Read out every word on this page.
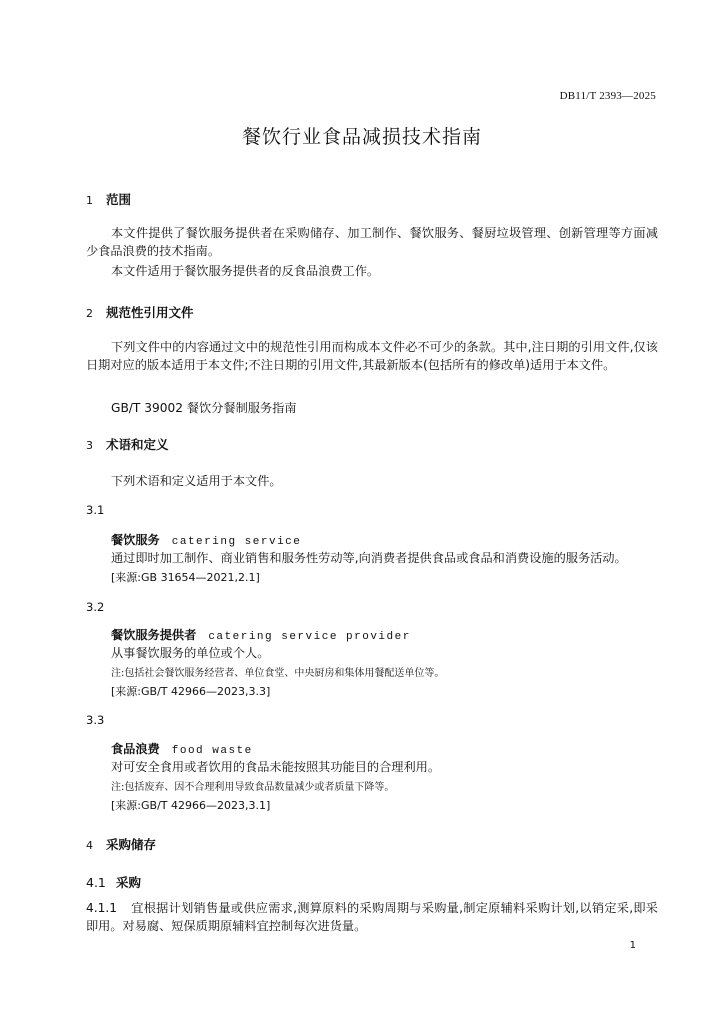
DB11/T 2393—2025
餐饮行业食品减损技术指南
1 范围
本文件提供了餐饮服务提供者在采购储存、加工制作、餐饮服务、餐厨垃圾管理、创新管理等方面减少食品浪费的技术指南。
本文件适用于餐饮服务提供者的反食品浪费工作。
2 规范性引用文件
下列文件中的内容通过文中的规范性引用而构成本文件必不可少的条款。其中,注日期的引用文件,仅该日期对应的版本适用于本文件;不注日期的引用文件,其最新版本(包括所有的修改单)适用于本文件。
GB/T 39002 餐饮分餐制服务指南
3 术语和定义
下列术语和定义适用于本文件。
3.1
餐饮服务 catering service
通过即时加工制作、商业销售和服务性劳动等,向消费者提供食品或食品和消费设施的服务活动。
[来源:GB 31654—2021,2.1]
3.2
餐饮服务提供者 catering service provider
从事餐饮服务的单位或个人。
注:包括社会餐饮服务经营者、单位食堂、中央厨房和集体用餐配送单位等。
[来源:GB/T 42966—2023,3.3]
3.3
食品浪费 food waste
对可安全食用或者饮用的食品未能按照其功能目的合理利用。
注:包括废弃、因不合理利用导致食品数量减少或者质量下降等。
[来源:GB/T 42966—2023,3.1]
4 采购储存
4.1 采购
4.1.1 宜根据计划销售量或供应需求,测算原料的采购周期与采购量,制定原辅料采购计划,以销定采,即采即用。对易腐、短保质期原辅料宜控制每次进货量。
1
